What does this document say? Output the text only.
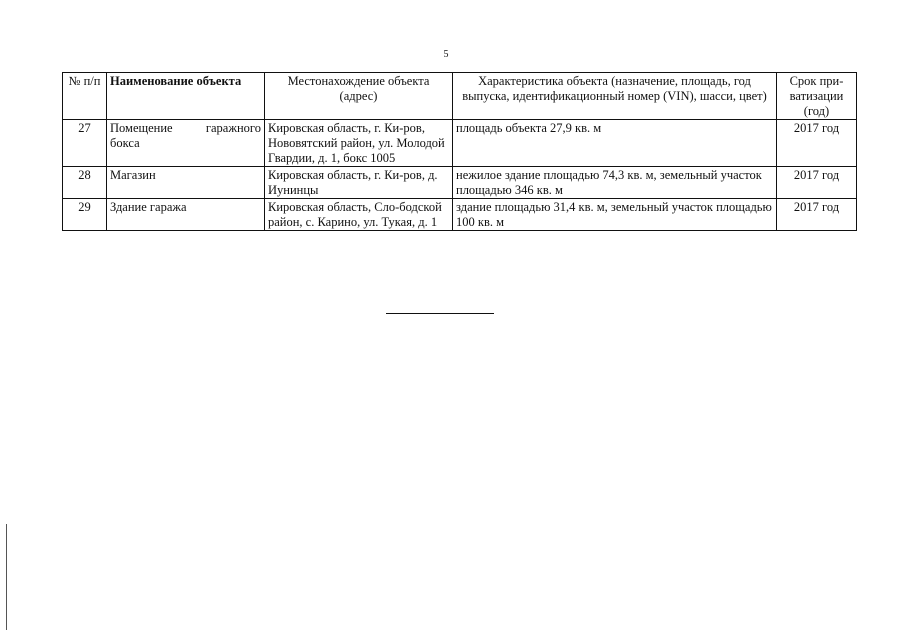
5
№ п/п	Наименование объекта	Местонахождение объекта (адрес)	Характеристика объекта (назначение, площадь, год выпуска, идентификационный номер (VIN), шасси, цвет)	Срок при-ватизации (год)
27	Помещение гаражного бокса	Кировская область, г. Ки-ров, Нововятский район, ул. Молодой Гвардии, д. 1, бокс 1005	площадь объекта 27,9 кв. м	2017 год
28	Магазин	Кировская область, г. Ки-ров, д. Иунинцы	нежилое здание площадью 74,3 кв. м, земельный участок площадью 346 кв. м	2017 год
29	Здание гаража	Кировская область, Сло-бодской район, с. Карино, ул. Тукая, д. 1	здание площадью 31,4 кв. м, земельный участок площадью 100 кв. м	2017 год
